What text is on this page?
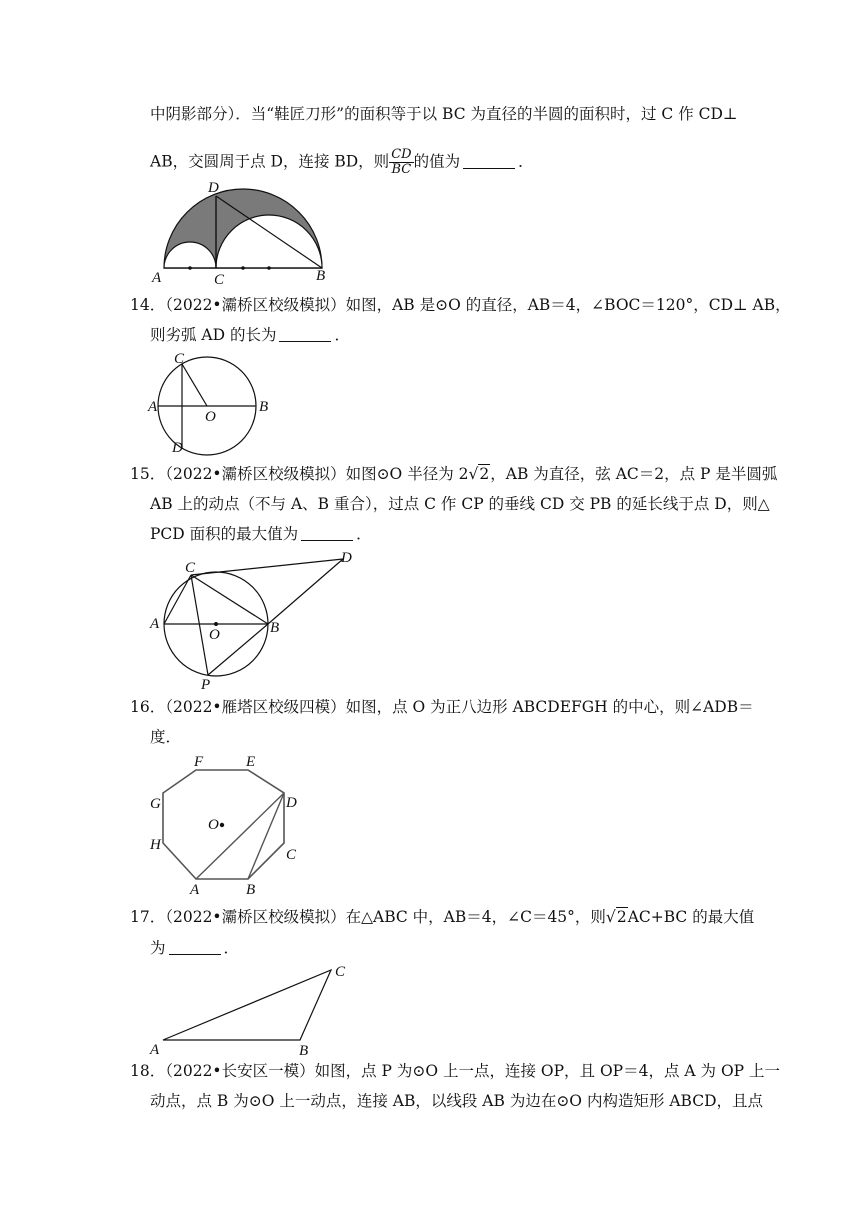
中阴影部分）．当“鞋匠刀形”的面积等于以 BC 为直径的半圆的面积时，过 C 作 CD⊥
AB，交圆周于点 D，连接 BD，则 $\frac{CD}{BC}$ 的值为	．
A	C	B
D
14．（2022•灞桥区校级模拟）如图，AB 是⊙O 的直径，AB＝4，∠BOC＝120°，CD⊥ AB，
则劣弧 AD 的长为	．
A	B
C
D
O
15．（2022•灞桥区校级模拟）如图⊙O 半径为 2√2，AB 为直径，弦 AC＝2，点 P 是半圆弧
AB 上的动点（不与 A、B 重合），过点 C 作 CP 的垂线 CD 交 PB 的延长线于点 D，则△
PCD 面积的最大值为	．
A	B
C
D
O
P
16．（2022•雁塔区校级四模）如图，点 O 为正八边形 ABCDEFGH 的中心，则∠ADB＝
度．
A	B
C
D
E
F
G
H
O
17．（2022•灞桥区校级模拟）在△ABC 中，AB＝4，∠C＝45°，则√2AC+BC 的最大值
为	．
A	B
C
18．（2022•长安区一模）如图，点 P 为⊙O 上一点，连接 OP，且 OP＝4，点 A 为 OP 上一
动点，点 B 为⊙O 上一动点，连接 AB，以线段 AB 为边在⊙O 内构造矩形 ABCD，且点
